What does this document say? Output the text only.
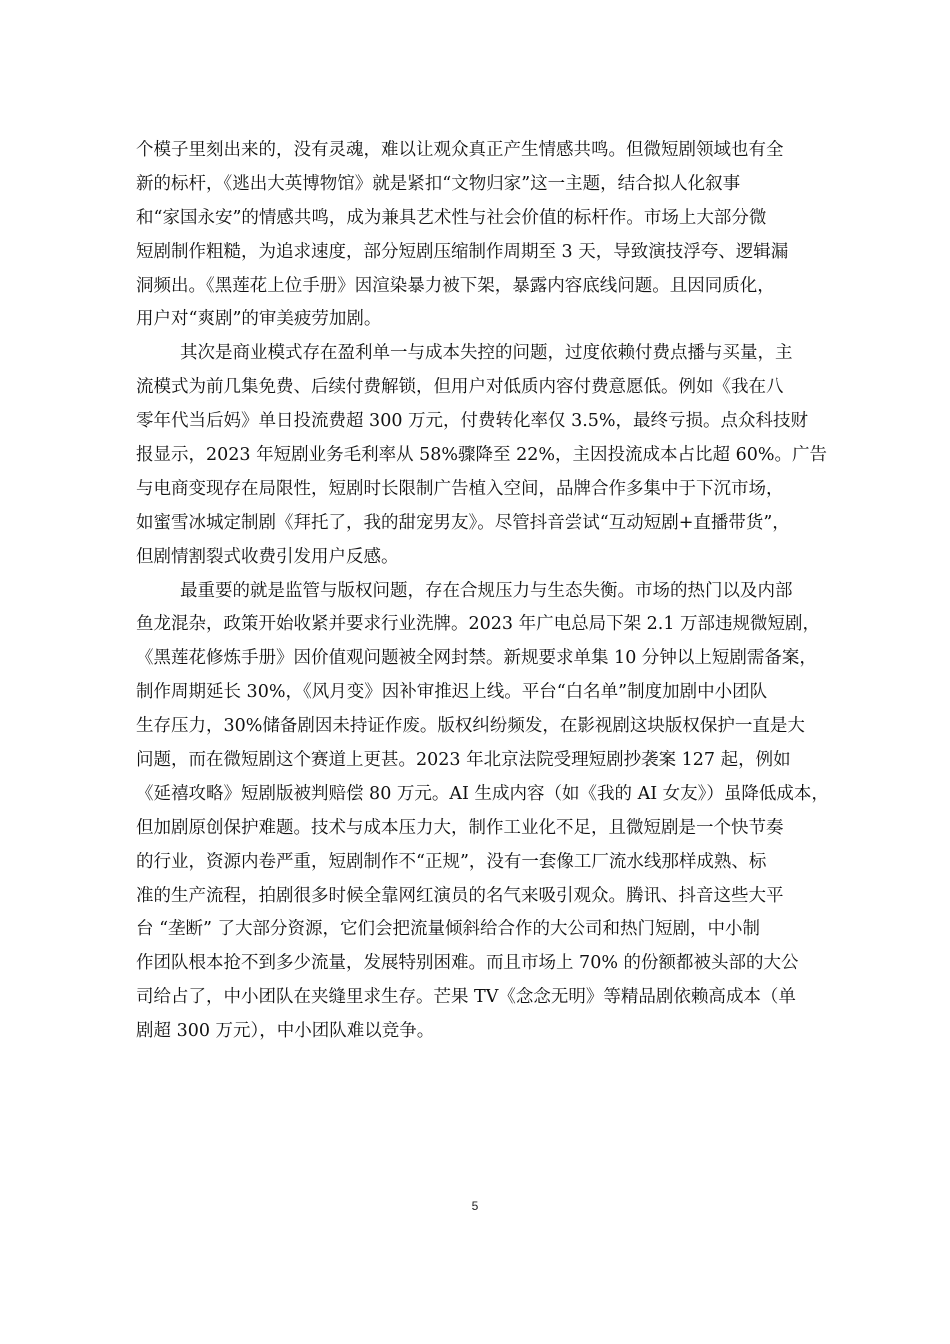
个模子里刻出来的，没有灵魂，难以让观众真正产生情感共鸣。但微短剧领域也有全
新的标杆，《逃出大英博物馆》就是紧扣“文物归家”这一主题，结合拟人化叙事
和“家国永安”的情感共鸣，成为兼具艺术性与社会价值的标杆作。市场上大部分微
短剧制作粗糙，为追求速度，部分短剧压缩制作周期至 3 天，导致演技浮夸、逻辑漏
洞频出。《黑莲花上位手册》因渲染暴力被下架，暴露内容底线问题。且因同质化，
用户对“爽剧”的审美疲劳加剧。
其次是商业模式存在盈利单一与成本失控的问题，过度依赖付费点播与买量，主
流模式为前几集免费、后续付费解锁，但用户对低质内容付费意愿低。例如《我在八
零年代当后妈》单日投流费超 300 万元，付费转化率仅 3.5%，最终亏损。点众科技财
报显示，2023 年短剧业务毛利率从 58%骤降至 22%，主因投流成本占比超 60%。广告
与电商变现存在局限性，短剧时长限制广告植入空间，品牌合作多集中于下沉市场，
如蜜雪冰城定制剧《拜托了，我的甜宠男友》。尽管抖音尝试“互动短剧+直播带货”，
但剧情割裂式收费引发用户反感。
最重要的就是监管与版权问题，存在合规压力与生态失衡。市场的热门以及内部
鱼龙混杂，政策开始收紧并要求行业洗牌。2023 年广电总局下架 2.1 万部违规微短剧，
《黑莲花修炼手册》因价值观问题被全网封禁。新规要求单集 10 分钟以上短剧需备案，
制作周期延长 30%，《风月变》因补审推迟上线。平台“白名单”制度加剧中小团队
生存压力，30%储备剧因未持证作废。版权纠纷频发，在影视剧这块版权保护一直是大
问题，而在微短剧这个赛道上更甚。2023 年北京法院受理短剧抄袭案 127 起，例如
《延禧攻略》短剧版被判赔偿 80 万元。AI 生成内容（如《我的 AI 女友》）虽降低成本，
但加剧原创保护难题。技术与成本压力大，制作工业化不足，且微短剧是一个快节奏
的行业，资源内卷严重，短剧制作不“正规”，没有一套像工厂流水线那样成熟、标
准的生产流程，拍剧很多时候全靠网红演员的名气来吸引观众。腾讯、抖音这些大平
台 “垄断” 了大部分资源，它们会把流量倾斜给合作的大公司和热门短剧，中小制
作团队根本抢不到多少流量，发展特别困难。而且市场上 70% 的份额都被头部的大公
司给占了，中小团队在夹缝里求生存。芒果 TV《念念无明》等精品剧依赖高成本（单
剧超 300 万元），中小团队难以竞争。
5
